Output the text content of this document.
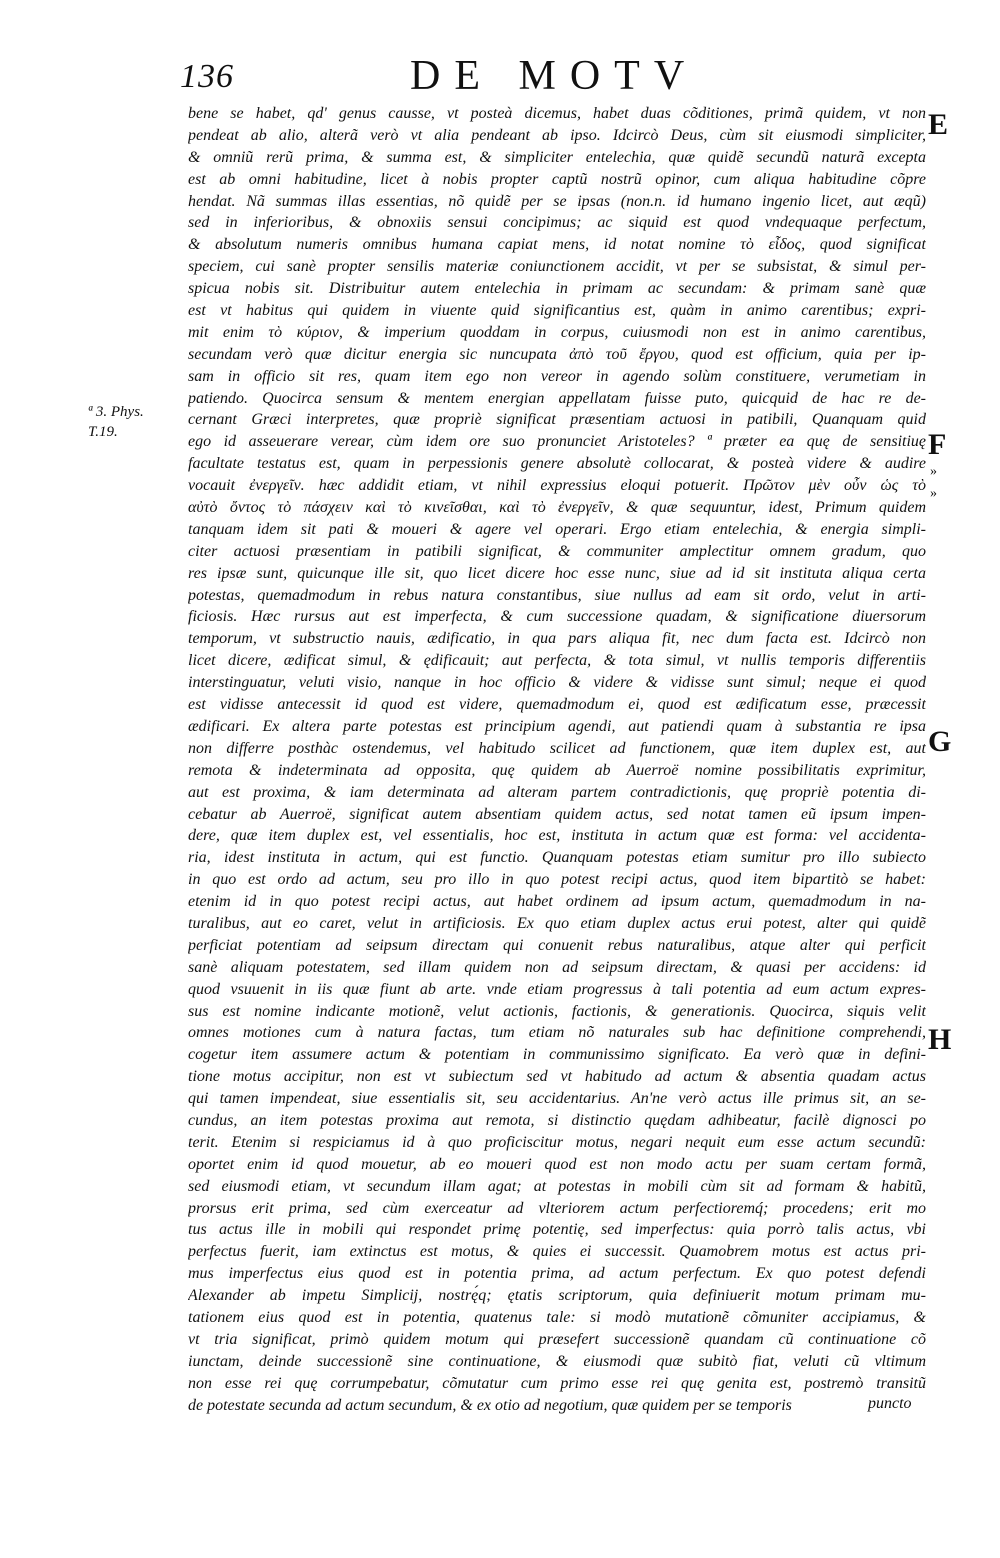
136	DE MOTV
E
F
G
H
ª 3. Phys.
T.19.
»
»
bene se habet, qd' genus causse, vt posteà dicemus, habet duas cõditiones, primã quidem, vt non
pendeat ab alio, alterã verò vt alia pendeant ab ipso. Idcircò Deus, cùm sit eiusmodi simpliciter,
& omniũ rerũ prima, & summa est, & simpliciter entelechia, quæ quidẽ secundũ naturã excepta
est ab omni habitudine, licet à nobis propter captũ nostrũ opinor, cum aliqua habitudine cõpre
hendat. Nã summas illas essentias, nõ quidẽ per se ipsas (non.n. id humano ingenio licet, aut æqũ)
sed in inferioribus, & obnoxiis sensui concipimus; ac siquid est quod vndequaque perfectum,
& absolutum numeris omnibus humana capiat mens, id notat nomine τὸ εἶδος, quod significat
speciem, cui sanè propter sensilis materiæ coniunctionem accidit, vt per se subsistat, & simul per-
spicua nobis sit. Distribuitur autem entelechia in primam ac secundam: & primam sanè quæ
est vt habitus qui quidem in viuente quid significantius est, quàm in animo carentibus; expri-
mit enim τὸ κύριον, & imperium quoddam in corpus, cuiusmodi non est in animo carentibus,
secundam verò quæ dicitur energia sic nuncupata ἀπὸ τοῦ ἔργου, quod est officium, quia per ip-
sam in officio sit res, quam item ego non vereor in agendo solùm constituere, verumetiam in
patiendo. Quocirca sensum & mentem energian appellatam fuisse puto, quicquid de hac re de-
cernant Græci interpretes, quæ propriè significat præsentiam actuosi in patibili, Quanquam quid
ego id asseuerare verear, cùm idem ore suo pronunciet Aristoteles? ª præter ea quę de sensitiuę
facultate testatus est, quam in perpessionis genere absolutè collocarat, & posteà videre & audire
vocauit ἐνεργεῖν. hæc addidit etiam, vt nihil expressius eloqui potuerit. Πρῶτον μὲν οὖν ὡς τὸ
αὐτὸ ὄντος τὸ πάσχειν καὶ τὸ κινεῖσθαι, καὶ τὸ ἐνεργεῖν, & quæ sequuntur, idest, Primum quidem
tanquam idem sit pati & moueri & agere vel operari. Ergo etiam entelechia, & energia simpli-
citer actuosi præsentiam in patibili significat, & communiter amplectitur omnem gradum, quo
res ipsæ sunt, quicunque ille sit, quo licet dicere hoc esse nunc, siue ad id sit instituta aliqua certa
potestas, quemadmodum in rebus natura constantibus, siue nullus ad eam sit ordo, velut in arti-
ficiosis. Hæc rursus aut est imperfecta, & cum successione quadam, & significatione diuersorum
temporum, vt substructio nauis, ædificatio, in qua pars aliqua fit, nec dum facta est. Idcircò non
licet dicere, ædificat simul, & ędificauit; aut perfecta, & tota simul, vt nullis temporis differentiis
interstinguatur, veluti visio, nanque in hoc officio & videre & vidisse sunt simul; neque ei quod
est vidisse antecessit id quod est videre, quemadmodum ei, quod est ædificatum esse, præcessit
ædificari. Ex altera parte potestas est principium agendi, aut patiendi quam à substantia re ipsa
non differre posthàc ostendemus, vel habitudo scilicet ad functionem, quæ item duplex est, aut
remota & indeterminata ad opposita, quę quidem ab Auerroë nomine possibilitatis exprimitur,
aut est proxima, & iam determinata ad alteram partem contradictionis, quę propriè potentia di-
cebatur ab Auerroë, significat autem absentiam quidem actus, sed notat tamen eũ ipsum impen-
dere, quæ item duplex est, vel essentialis, hoc est, instituta in actum quæ est forma: vel accidenta-
ria, idest instituta in actum, qui est functio. Quanquam potestas etiam sumitur pro illo subiecto
in quo est ordo ad actum, seu pro illo in quo potest recipi actus, quod item bipartitò se habet:
etenim id in quo potest recipi actus, aut habet ordinem ad ipsum actum, quemadmodum in na-
turalibus, aut eo caret, velut in artificiosis. Ex quo etiam duplex actus erui potest, alter qui quidẽ
perficiat potentiam ad seipsum directam qui conuenit rebus naturalibus, atque alter qui perficit
sanè aliquam potestatem, sed illam quidem non ad seipsum directam, & quasi per accidens: id
quod vsuuenit in iis quæ fiunt ab arte. vnde etiam progressus à tali potentia ad eum actum expres-
sus est nomine indicante motionẽ, velut actionis, factionis, & generationis. Quocirca, siquis velit
omnes motiones cum à natura factas, tum etiam nõ naturales sub hac definitione comprehendi,
cogetur item assumere actum & potentiam in communissimo significato. Ea verò quæ in defini-
tione motus accipitur, non est vt subiectum sed vt habitudo ad actum & absentia quadam actus
qui tamen impendeat, siue essentialis sit, seu accidentarius. An'ne verò actus ille primus sit, an se-
cundus, an item potestas proxima aut remota, si distinctio quędam adhibeatur, facilè dignosci po
terit. Etenim si respiciamus id à quo proficiscitur motus, negari nequit eum esse actum secundũ:
oportet enim id quod mouetur, ab eo moueri quod est non modo actu per suam certam formã,
sed eiusmodi etiam, vt secundum illam agat; at potestas in mobili cùm sit ad formam & habitũ,
prorsus erit prima, sed cùm exerceatur ad vlteriorem actum perfectioremq́; procedens; erit mo
tus actus ille in mobili qui respondet primę potentię, sed imperfectus: quia porrò talis actus, vbi
perfectus fuerit, iam extinctus est motus, & quies ei successit. Quamobrem motus est actus pri-
mus imperfectus eius quod est in potentia prima, ad actum perfectum. Ex quo potest defendi
Alexander ab impetu Simplicij, nostrę́q; ętatis scriptorum, quia definiuerit motum primam mu-
tationem eius quod est in potentia, quatenus tale: si modò mutationẽ cõmuniter accipiamus, &
vt tria significat, primò quidem motum qui præsefert successionẽ quandam cũ continuatione cõ
iunctam, deinde successionẽ sine continuatione, & eiusmodi quæ subitò fiat, veluti cũ vltimum
non esse rei quę corrumpebatur, cõmutatur cum primo esse rei quę genita est, postremò transitũ
de potestate secunda ad actum secundum, & ex otio ad negotium, quæ quidem per se temporis	puncto
